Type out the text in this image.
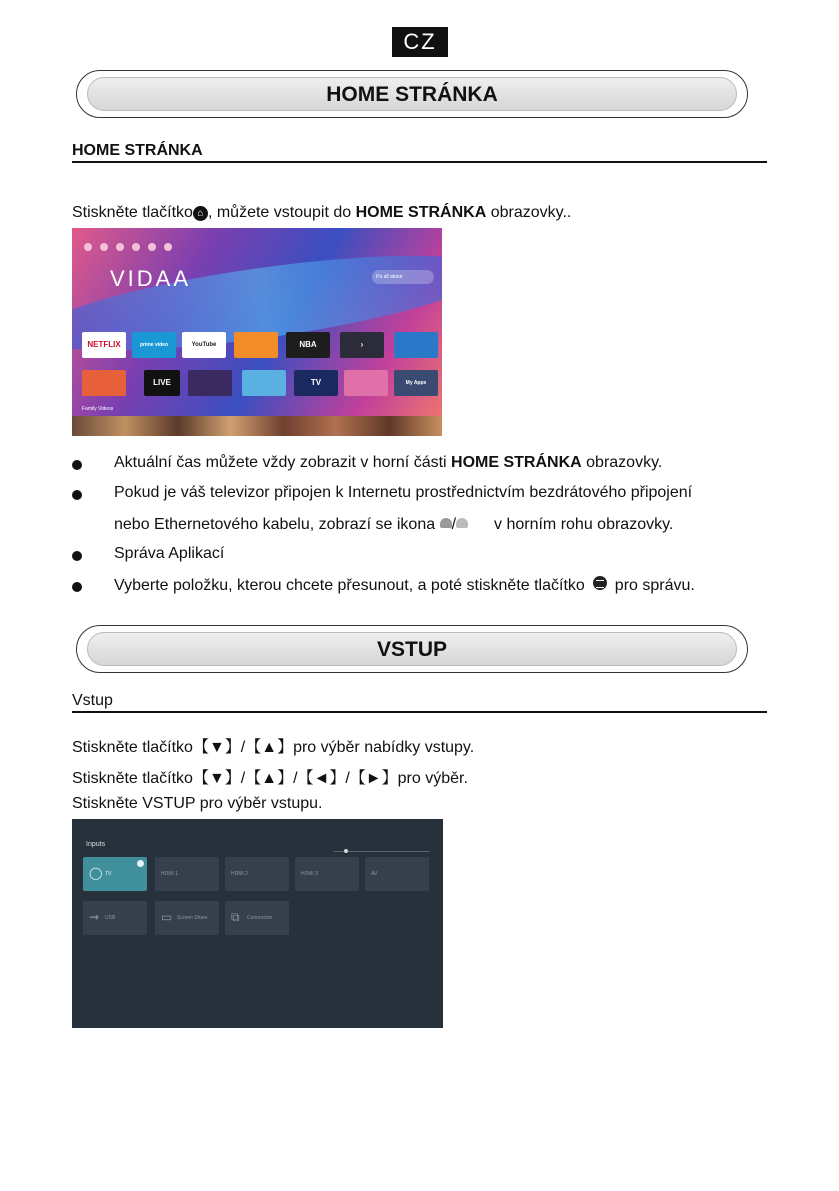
CZ
HOME STRÁNKA
HOME STRÁNKA
Stiskněte tlačítko ⌂ , můžete vstoupit do HOME STRÁNKA obrazovky..
VIDAA	It's all about
NETFLIX	prime video	YouTube	NBA	›
LIVE	TV	My Apps
Family Videos
Aktuální čas můžete vždy zobrazit v horní části HOME STRÁNKA obrazovky.
Pokud je váš televizor připojen k Internetu prostřednictvím bezdrátového připojení
nebo Ethernetového kabelu, zobrazí se ikona / v horním rohu obrazovky.
Správa Aplikací
Vyberte položku, kterou chcete přesunout, a poté stiskněte tlačítko pro správu.
VSTUP
Vstup
Stiskněte tlačítko【▼】/【▲】pro výběr nabídky vstupy.
Stiskněte tlačítko【▼】/【▲】/【◄】/【►】pro výběr.
Stiskněte VSTUP pro výběr vstupu.
Inputs
◯ TV	HDMI 1	HDMI 2	HDMI 3	AV
⇝ USB	▭ Screen Share ⧉ Connection
